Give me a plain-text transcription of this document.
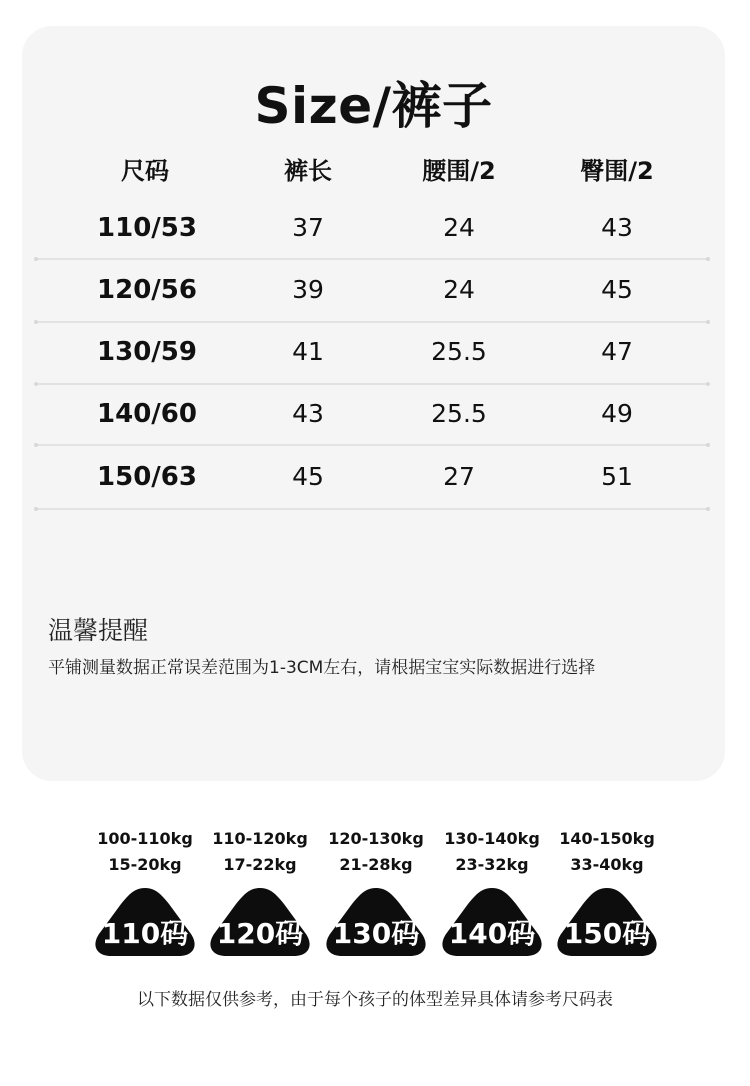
Size/裤子
尺码	裤长	腰围/2	臀围/2
110/53	37	24	43
120/56	39	24	45
130/59	41	25.5	47
140/60	43	25.5	49
150/63	45	27	51
温馨提醒
平铺测量数据正常误差范围为1-3CM左右，请根据宝宝实际数据进行选择
100-110kg
15-20kg
110码
110-120kg
17-22kg
120码
120-130kg
21-28kg
130码
130-140kg
23-32kg
140码
140-150kg
33-40kg
150码
以下数据仅供参考，由于每个孩子的体型差异具体请参考尺码表
